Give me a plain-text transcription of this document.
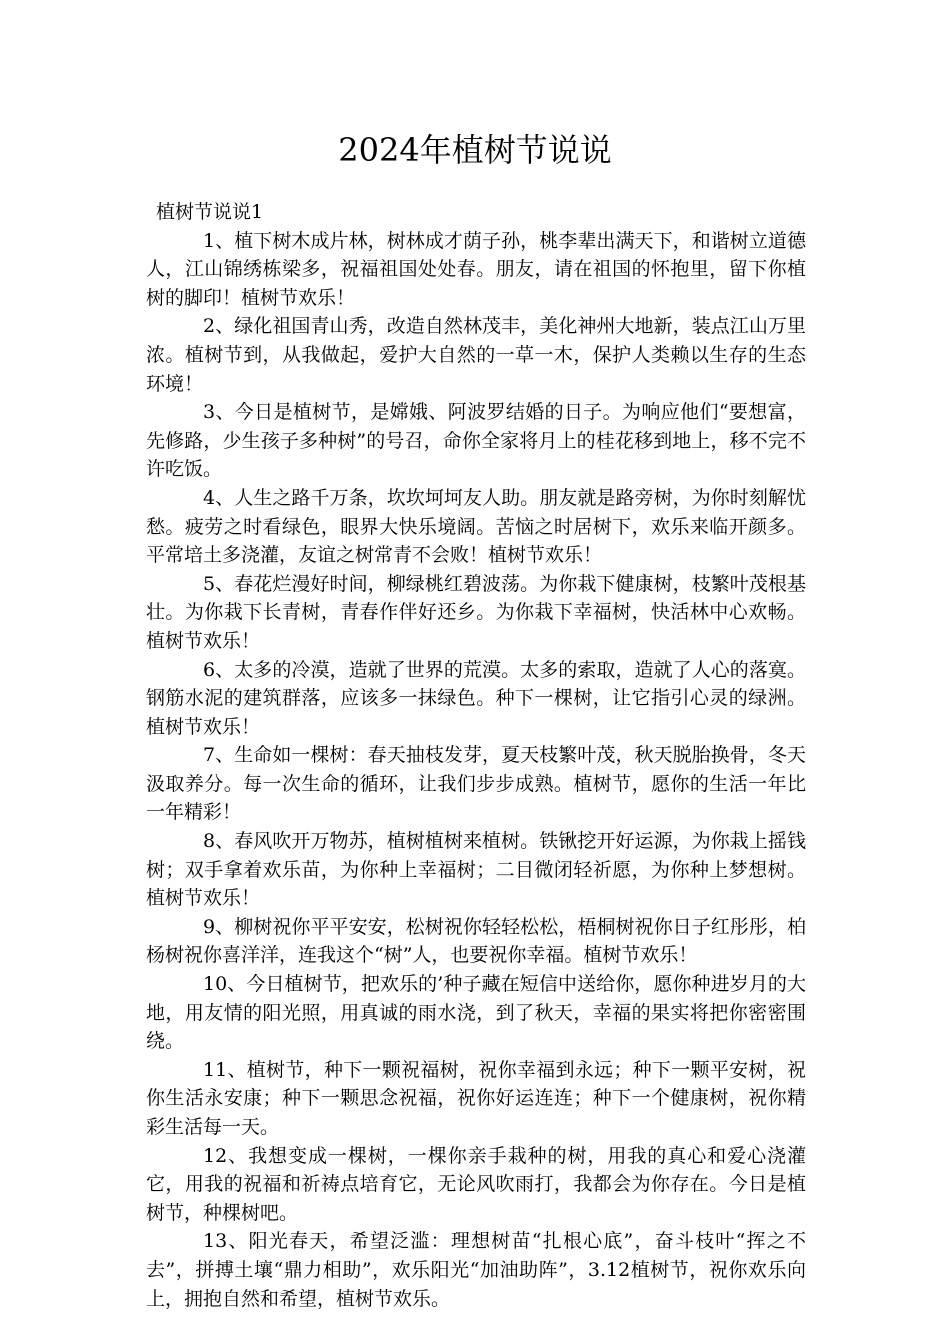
2024年植树节说说

植树节说说1

1、植下树木成片林，树林成才荫子孙，桃李辈出满天下，和谐树立道德人，江山锦绣栋梁多，祝福祖国处处春。朋友，请在祖国的怀抱里，留下你植树的脚印！植树节欢乐！

2、绿化祖国青山秀，改造自然林茂丰，美化神州大地新，装点江山万里浓。植树节到，从我做起，爱护大自然的一草一木，保护人类赖以生存的生态环境！

3、今日是植树节，是嫦娥、阿波罗结婚的日子。为响应他们“要想富，先修路，少生孩子多种树”的号召，命你全家将月上的桂花移到地上，移不完不许吃饭。

4、人生之路千万条，坎坎坷坷友人助。朋友就是路旁树，为你时刻解忧愁。疲劳之时看绿色，眼界大快乐境阔。苦恼之时居树下，欢乐来临开颜多。平常培土多浇灌，友谊之树常青不会败！植树节欢乐！

5、春花烂漫好时间，柳绿桃红碧波荡。为你栽下健康树，枝繁叶茂根基壮。为你栽下长青树，青春作伴好还乡。为你栽下幸福树，快活林中心欢畅。植树节欢乐！

6、太多的冷漠，造就了世界的荒漠。太多的索取，造就了人心的落寞。钢筋水泥的建筑群落，应该多一抹绿色。种下一棵树，让它指引心灵的绿洲。植树节欢乐！

7、生命如一棵树：春天抽枝发芽，夏天枝繁叶茂，秋天脱胎换骨，冬天汲取养分。每一次生命的循环，让我们步步成熟。植树节，愿你的生活一年比一年精彩！

8、春风吹开万物苏，植树植树来植树。铁锹挖开好运源，为你栽上摇钱树；双手拿着欢乐苗，为你种上幸福树；二目微闭轻祈愿，为你种上梦想树。植树节欢乐！

9、柳树祝你平平安安，松树祝你轻轻松松，梧桐树祝你日子红彤彤，柏杨树祝你喜洋洋，连我这个“树”人，也要祝你幸福。植树节欢乐！

10、今日植树节，把欢乐的’种子藏在短信中送给你，愿你种进岁月的大地，用友情的阳光照，用真诚的雨水浇，到了秋天，幸福的果实将把你密密围绕。

11、植树节，种下一颗祝福树，祝你幸福到永远；种下一颗平安树，祝你生活永安康；种下一颗思念祝福，祝你好运连连；种下一个健康树，祝你精彩生活每一天。

12、我想变成一棵树，一棵你亲手栽种的树，用我的真心和爱心浇灌它，用我的祝福和祈祷点培育它，无论风吹雨打，我都会为你存在。今日是植树节，种棵树吧。

13、阳光春天，希望泛滥：理想树苗“扎根心底”，奋斗枝叶“挥之不去”，拼搏土壤“鼎力相助”，欢乐阳光“加油助阵”，3.12植树节，祝你欢乐向上，拥抱自然和希望，植树节欢乐。
